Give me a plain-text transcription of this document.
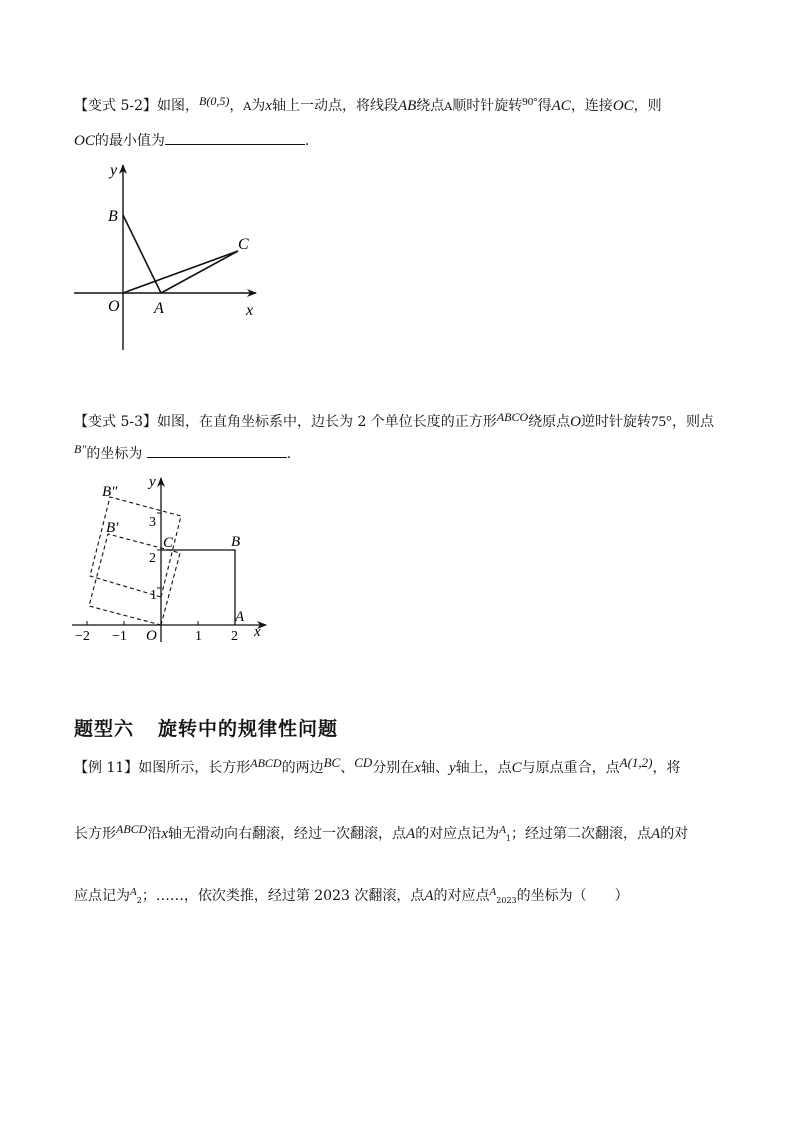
【变式 5-2】如图，B(0,5)，A为x轴上一动点，将线段AB绕点A顺时针旋转$^{90^\circ}$得AC，连接OC，则
OC的最小值为	.
y
x
B
C
O A
【变式 5-3】如图，在直角坐标系中，边长为 2 个单位长度的正方形ABCO绕原点O逆时针旋转75°，则点
B″的坐标为	.
y
x
B″
B′
C	B
A
O
3
2
1
−2 −1	1 2
题型六 旋转中的规律性问题
【例 11】如图所示，长方形ABCD的两边BC、CD分别在x轴、y轴上，点C与原点重合，点A(1,2)，将
长方形ABCD沿x轴无滑动向右翻滚，经过一次翻滚，点A的对应点记为$^A_1$；经过第二次翻滚，点A的对
应点记为$^A_2$；……，依次类推，经过第 2023 次翻滚，点A的对应点$^A_{2023}$的坐标为（　　）
